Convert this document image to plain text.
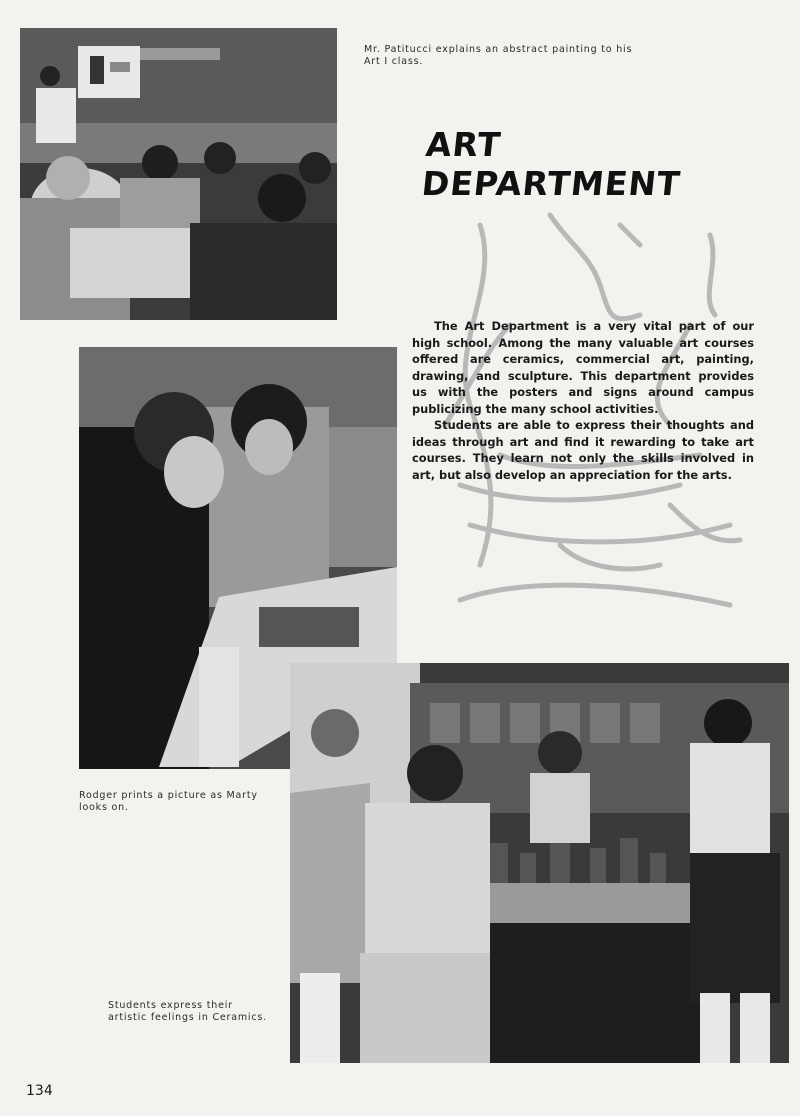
Mr. Patitucci explains an abstract painting to his Art I class.
ART DEPARTMENT

The Art Department is a very vital part of our high school. Among the many valuable art courses offered are ceramics, commercial art, painting, drawing, and sculpture. This department provides us with the posters and signs around campus publicizing the many school activities.

Students are able to express their thoughts and ideas through art and find it rewarding to take art courses. They learn not only the skills involved in art, but also develop an appreciation for the arts.

Rodger prints a picture as Marty looks on.
Students express their artistic feelings in Ceramics.
134
